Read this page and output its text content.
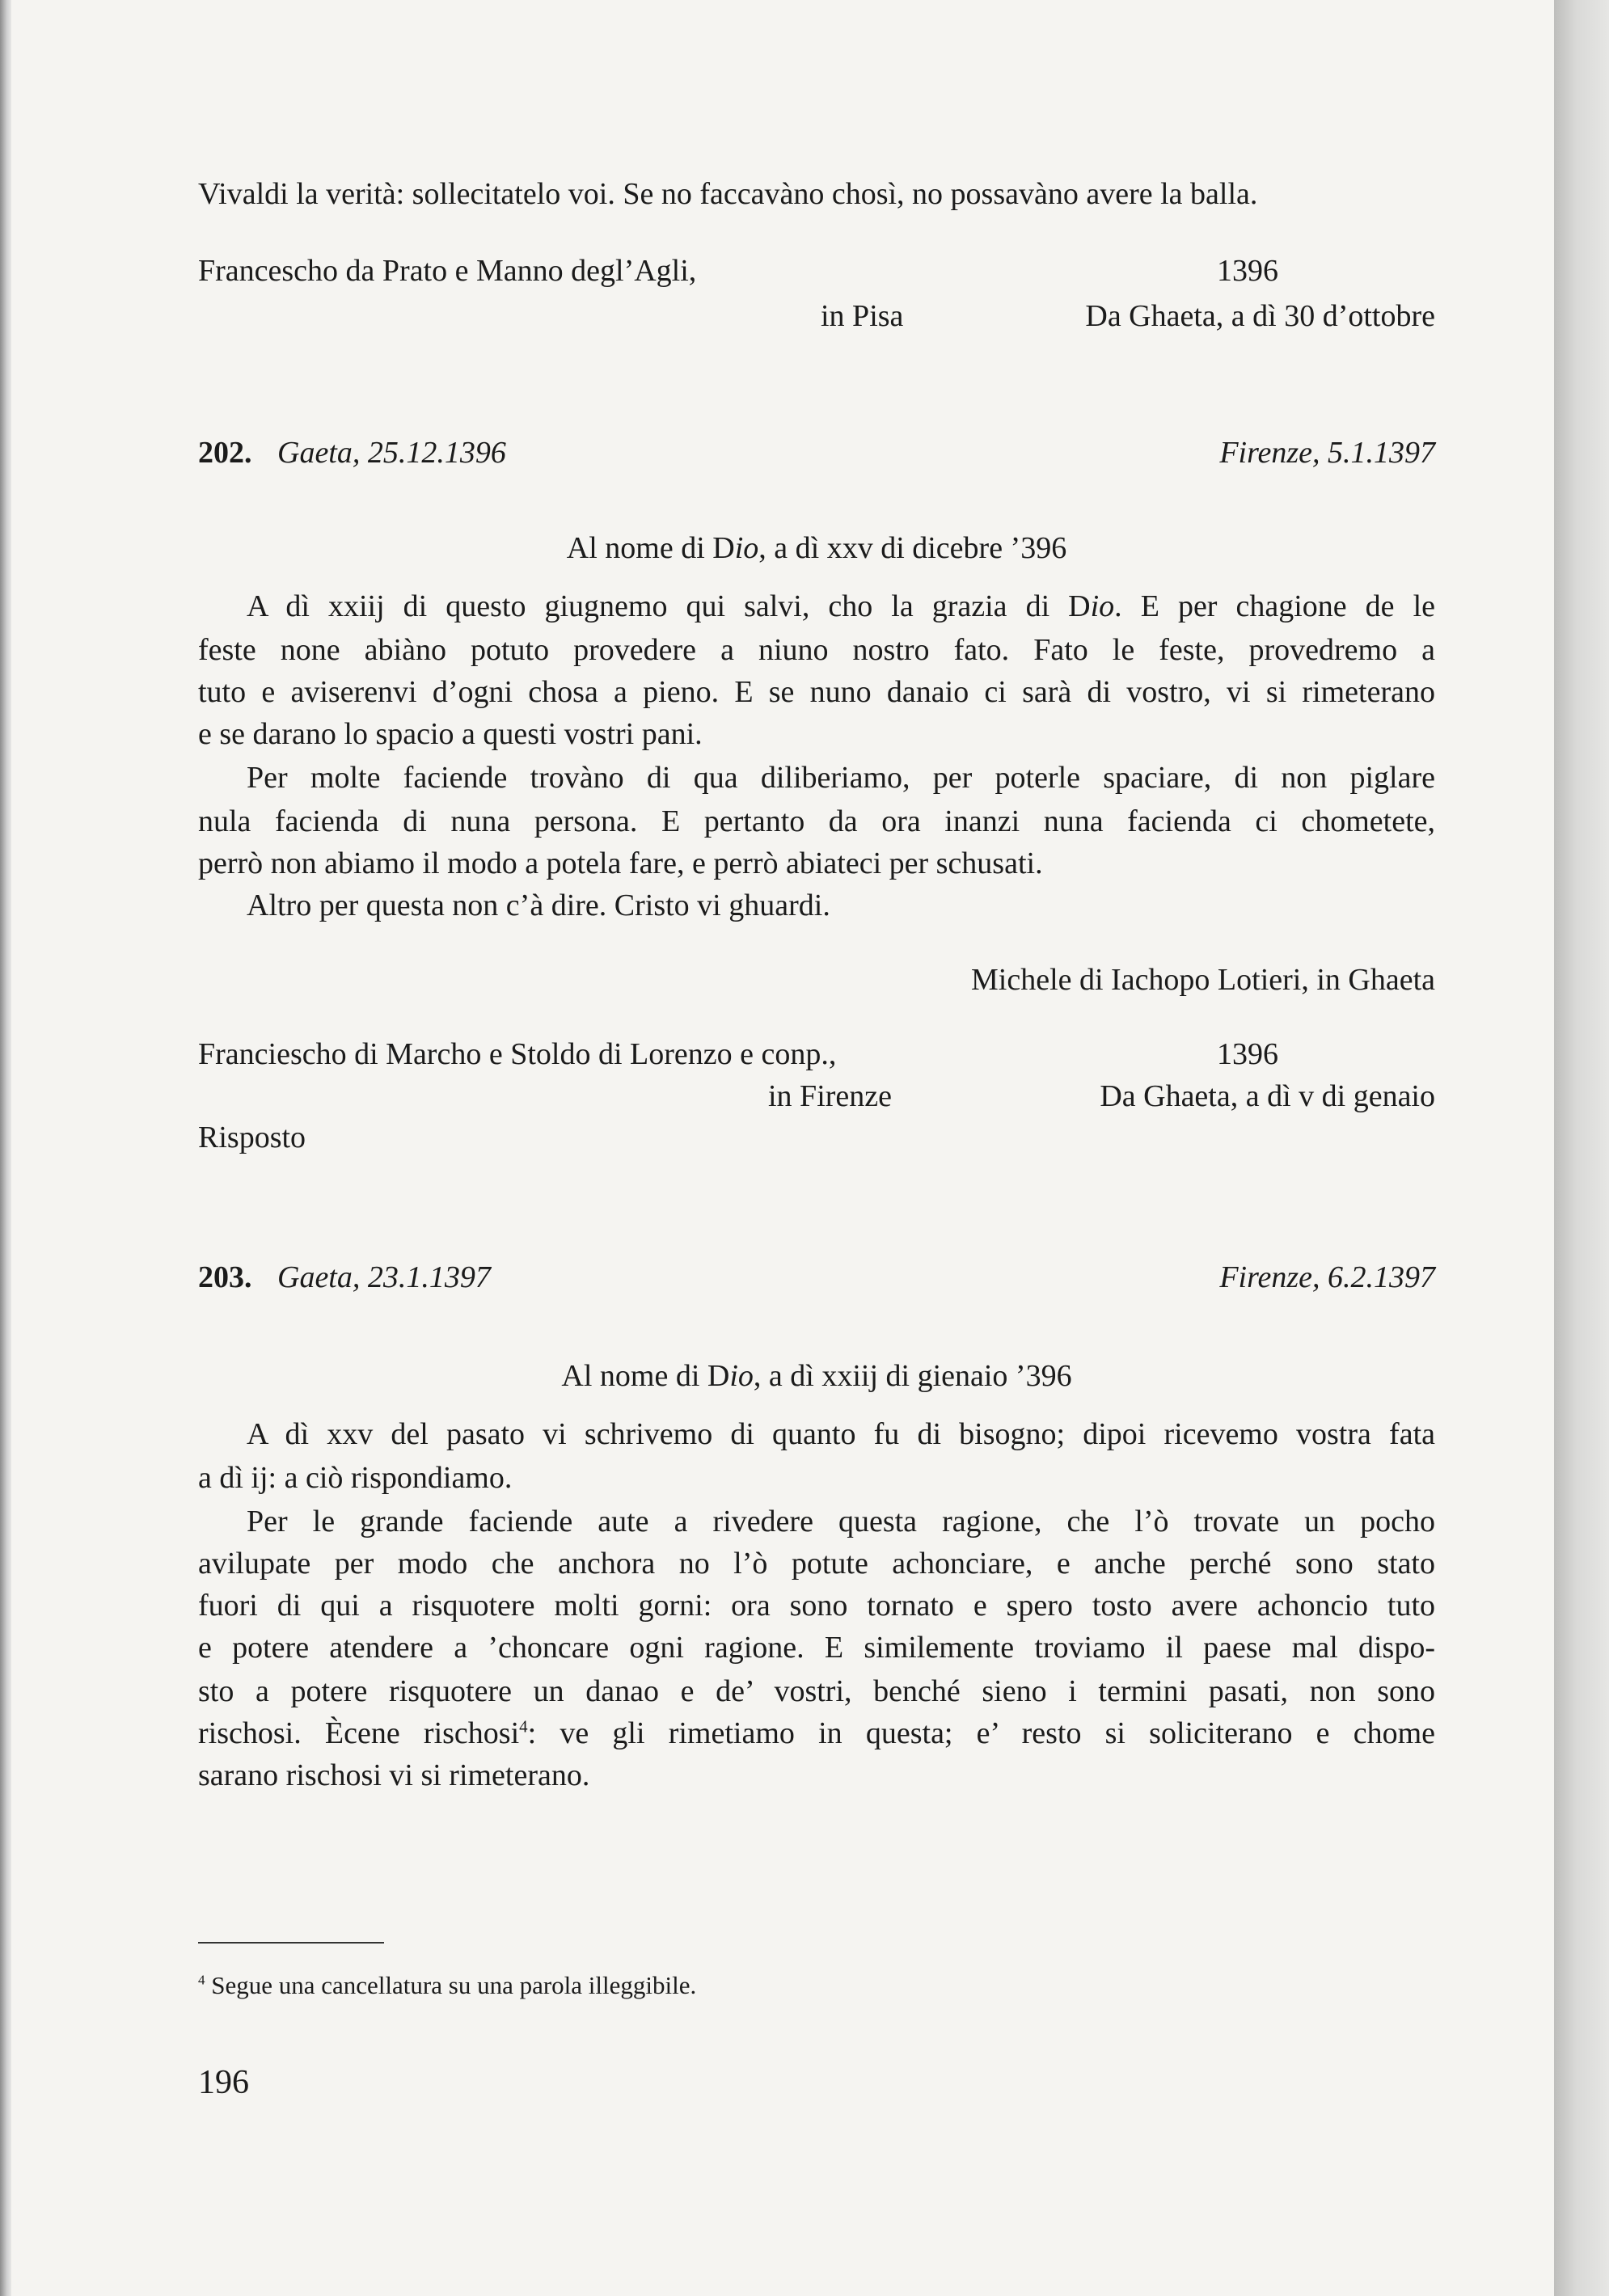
Vivaldi la verità: sollecitatelo voi. Se no faccavàno chosì, no possavàno avere la balla.
Francescho da Prato e Manno degl’Agli,	1396
in Pisa	Da Ghaeta, a dì 30 d’ottobre
202. Gaeta, 25.12.1396	Firenze, 5.1.1397
Al nome di Dio, a dì xxv di dicebre ’396
A dì xxiij di questo giugnemo qui salvi, cho la grazia di Dio. E per chagione de le
feste none abiàno potuto provedere a niuno nostro fato. Fato le feste, provedremo a
tuto e aviserenvi d’ogni chosa a pieno. E se nuno danaio ci sarà di vostro, vi si rimeterano
e se darano lo spacio a questi vostri pani.
Per molte faciende trovàno di qua diliberiamo, per poterle spaciare, di non piglare
nula facienda di nuna persona. E pertanto da ora inanzi nuna facienda ci chometete,
perrò non abiamo il modo a potela fare, e perrò abiateci per schusati.
Altro per questa non c’à dire. Cristo vi ghuardi.
Michele di Iachopo Lotieri, in Ghaeta
Franciescho di Marcho e Stoldo di Lorenzo e conp.,	1396
in Firenze	Da Ghaeta, a dì v di genaio
Risposto
203. Gaeta, 23.1.1397	Firenze, 6.2.1397
Al nome di Dio, a dì xxiij di gienaio ’396
A dì xxv del pasato vi schrivemo di quanto fu di bisogno; dipoi ricevemo vostra fata
a dì ij: a ciò rispondiamo.
Per le grande faciende aute a rivedere questa ragione, che l’ò trovate un pocho
avilupate per modo che anchora no l’ò potute achonciare, e anche perché sono stato
fuori di qui a risquotere molti gorni: ora sono tornato e spero tosto avere achoncio tuto
e potere atendere a ’choncare ogni ragione. E similemente troviamo il paese mal dispo-
sto a potere risquotere un danao e de’ vostri, benché sieno i termini pasati, non sono
rischosi. Ècene rischosi$^4$: ve gli rimetiamo in questa; e’ resto si soliciterano e chome
sarano rischosi vi si rimeterano.
$^4$ Segue una cancellatura su una parola illeggibile.
196
